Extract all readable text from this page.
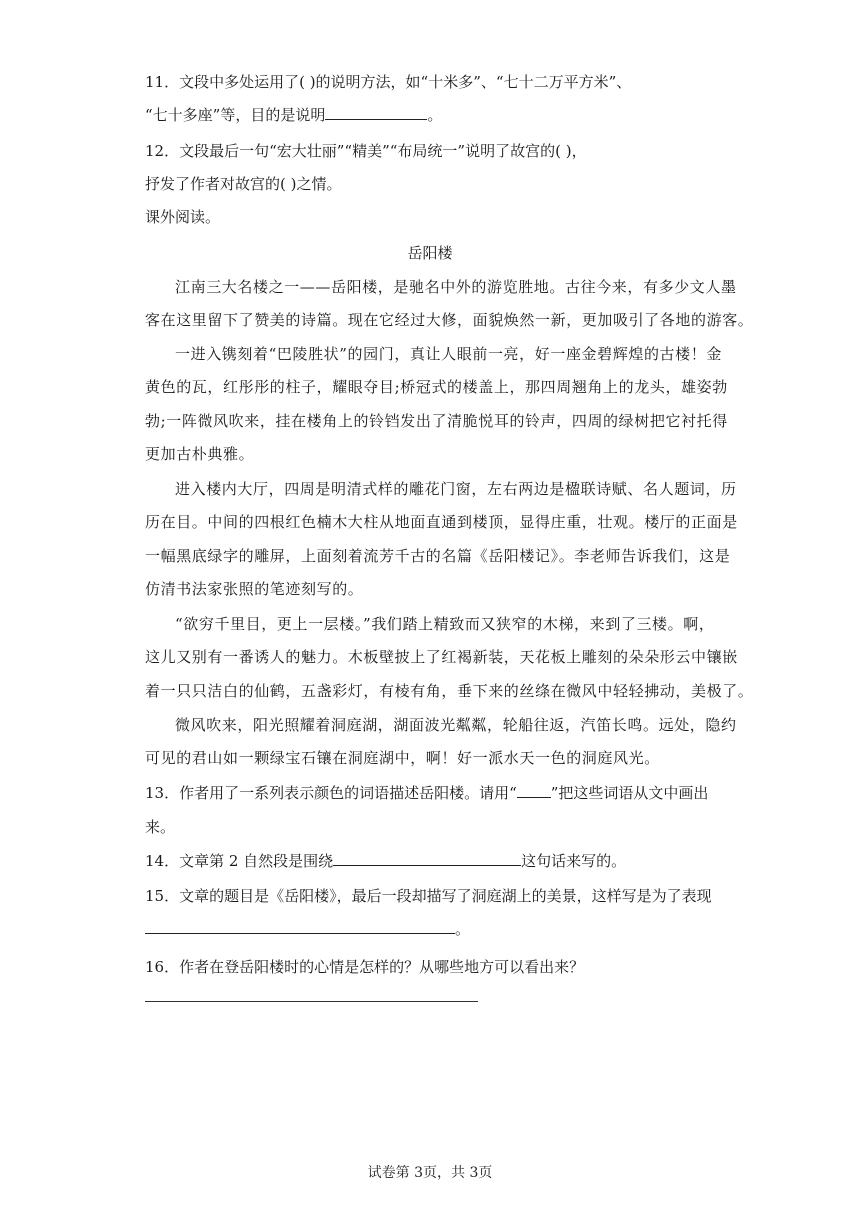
11．文段中多处运用了( )的说明方法，如“十米多”、“七十二万平方米”、
“七十多座”等，目的是说明	。
12．文段最后一句“宏大壮丽”“精美”“布局统一”说明了故宫的( )，
抒发了作者对故宫的( )之情。
课外阅读。
岳阳楼
江南三大名楼之一——岳阳楼，是驰名中外的游览胜地。古往今来，有多少文人墨
客在这里留下了赞美的诗篇。现在它经过大修，面貌焕然一新，更加吸引了各地的游客。
一进入镌刻着“巴陵胜状”的园门，真让人眼前一亮，好一座金碧辉煌的古楼！金
黄色的瓦，红彤彤的柱子，耀眼夺目;桥冠式的楼盖上，那四周翘角上的龙头，雄姿勃
勃;一阵微风吹来，挂在楼角上的铃铛发出了清脆悦耳的铃声，四周的绿树把它衬托得
更加古朴典雅。
进入楼内大厅，四周是明清式样的雕花门窗，左右两边是楹联诗赋、名人题词，历
历在目。中间的四根红色楠木大柱从地面直通到楼顶，显得庄重，壮观。楼厅的正面是
一幅黑底绿字的雕屏，上面刻着流芳千古的名篇《岳阳楼记》。李老师告诉我们，这是
仿清书法家张照的笔迹刻写的。
“欲穷千里目，更上一层楼。”我们踏上精致而又狭窄的木梯，来到了三楼。啊，
这儿又别有一番诱人的魅力。木板壁披上了红褐新装，天花板上雕刻的朵朵形云中镶嵌
着一只只洁白的仙鹤，五盏彩灯，有棱有角，垂下来的丝绦在微风中轻轻拂动，美极了。
微风吹来，阳光照耀着洞庭湖，湖面波光粼粼，轮船往返，汽笛长鸣。远处，隐约
可见的君山如一颗绿宝石镶在洞庭湖中，啊！好一派水天一色的洞庭风光。
13．作者用了一系列表示颜色的词语描述岳阳楼。请用“ ”把这些词语从文中画出
来。
14．文章第 2 自然段是围绕	这句话来写的。
15．文章的题目是《岳阳楼》，最后一段却描写了洞庭湖上的美景，这样写是为了表现
。
16．作者在登岳阳楼时的心情是怎样的？从哪些地方可以看出来？
试卷第 3页，共 3页
